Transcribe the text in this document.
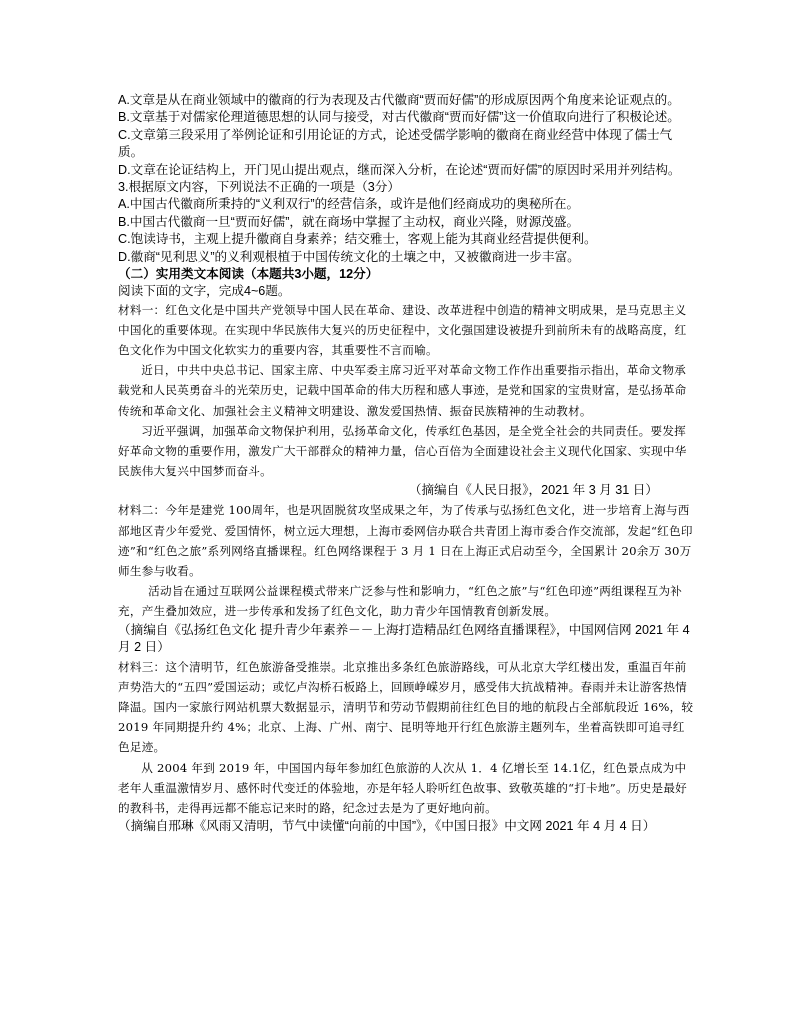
A.文章是从在商业领域中的徽商的行为表现及古代徽商“贾而好儒”的形成原因两个角度来论证观点的。

B.文章基于对儒家伦理道德思想的认同与接受，对古代徽商“贾而好儒”这一价值取向进行了积极论述。

C.文章第三段采用了举例论证和引用论证的方式，论述受儒学影响的徽商在商业经营中体现了儒士气质。

D.文章在论证结构上，开门见山提出观点，继而深入分析，在论述“贾而好儒”的原因时采用并列结构。

3.根据原文内容，下列说法不正确的一项是（3分）

A.中国古代徽商所秉持的“义利双行”的经营信条，或许是他们经商成功的奥秘所在。

B.中国古代徽商一旦“贾而好儒”，就在商场中掌握了主动权，商业兴隆，财源茂盛。

C.饱读诗书，主观上提升徽商自身素养；结交雅士，客观上能为其商业经营提供便利。

D.徽商“见利思义”的义利观根植于中国传统文化的土壤之中，又被徽商进一步丰富。

（二）实用类文本阅读（本题共3小题，12分）

阅读下面的文字，完成4~6题。

材料一：红色文化是中国共产党领导中国人民在革命、建设、改革进程中创造的精神文明成果，是马克思主义中国化的重要体现。在实现中华民族伟大复兴的历史征程中，文化强国建设被提升到前所未有的战略高度，红色文化作为中国文化软实力的重要内容，其重要性不言而喻。

近日，中共中央总书记、国家主席、中央军委主席习近平对革命文物工作作出重要指示指出，革命文物承载党和人民英勇奋斗的光荣历史，记载中国革命的伟大历程和感人事迹，是党和国家的宝贵财富，是弘扬革命传统和革命文化、加强社会主义精神文明建设、激发爱国热情、振奋民族精神的生动教材。

习近平强调，加强革命文物保护利用，弘扬革命文化，传承红色基因，是全党全社会的共同责任。要发挥好革命文物的重要作用，激发广大干部群众的精神力量，信心百倍为全面建设社会主义现代化国家、实现中华民族伟大复兴中国梦而奋斗。

（摘编自《人民日报》，2021 年 3 月 31 日）

材料二：今年是建党 100周年，也是巩固脱贫攻坚成果之年，为了传承与弘扬红色文化，进一步培育上海与西部地区青少年爱党、爱国情怀，树立远大理想，上海市委网信办联合共青团上海市委合作交流部，发起“红色印迹”和“红色之旅”系列网络直播课程。红色网络课程于 3 月 1 日在上海正式启动至今，全国累计 20余万 30万师生参与收看。

活动旨在通过互联网公益课程模式带来广泛参与性和影响力，“红色之旅”与“红色印迹”两组课程互为补充，产生叠加效应，进一步传承和发扬了红色文化，助力青少年国情教育创新发展。

（摘编自《弘扬红色文化 提升青少年素养－－上海打造精品红色网络直播课程》，中国网信网 2021 年 4 月 2 日）

材料三：这个清明节，红色旅游备受推崇。北京推出多条红色旅游路线，可从北京大学红楼出发，重温百年前声势浩大的“五四”爱国运动；或忆卢沟桥石板路上，回顾峥嵘岁月，感受伟大抗战精神。春雨并未让游客热情降温。国内一家旅行网站机票大数据显示，清明节和劳动节假期前往红色目的地的航段占全部航段近 16%，较 2019 年同期提升约 4%；北京、上海、广州、南宁、昆明等地开行红色旅游主题列车，坐着高铁即可追寻红色足迹。

从 2004 年到 2019 年，中国国内每年参加红色旅游的人次从 1．4 亿增长至 14.1亿，红色景点成为中老年人重温激情岁月、感怀时代变迁的体验地，亦是年轻人聆听红色故事、致敬英雄的“打卡地”。历史是最好的教科书，走得再远都不能忘记来时的路，纪念过去是为了更好地向前。

（摘编自邢琳《风雨又清明，节气中读懂“向前的中国”》，《中国日报》中文网 2021 年 4 月 4 日）
